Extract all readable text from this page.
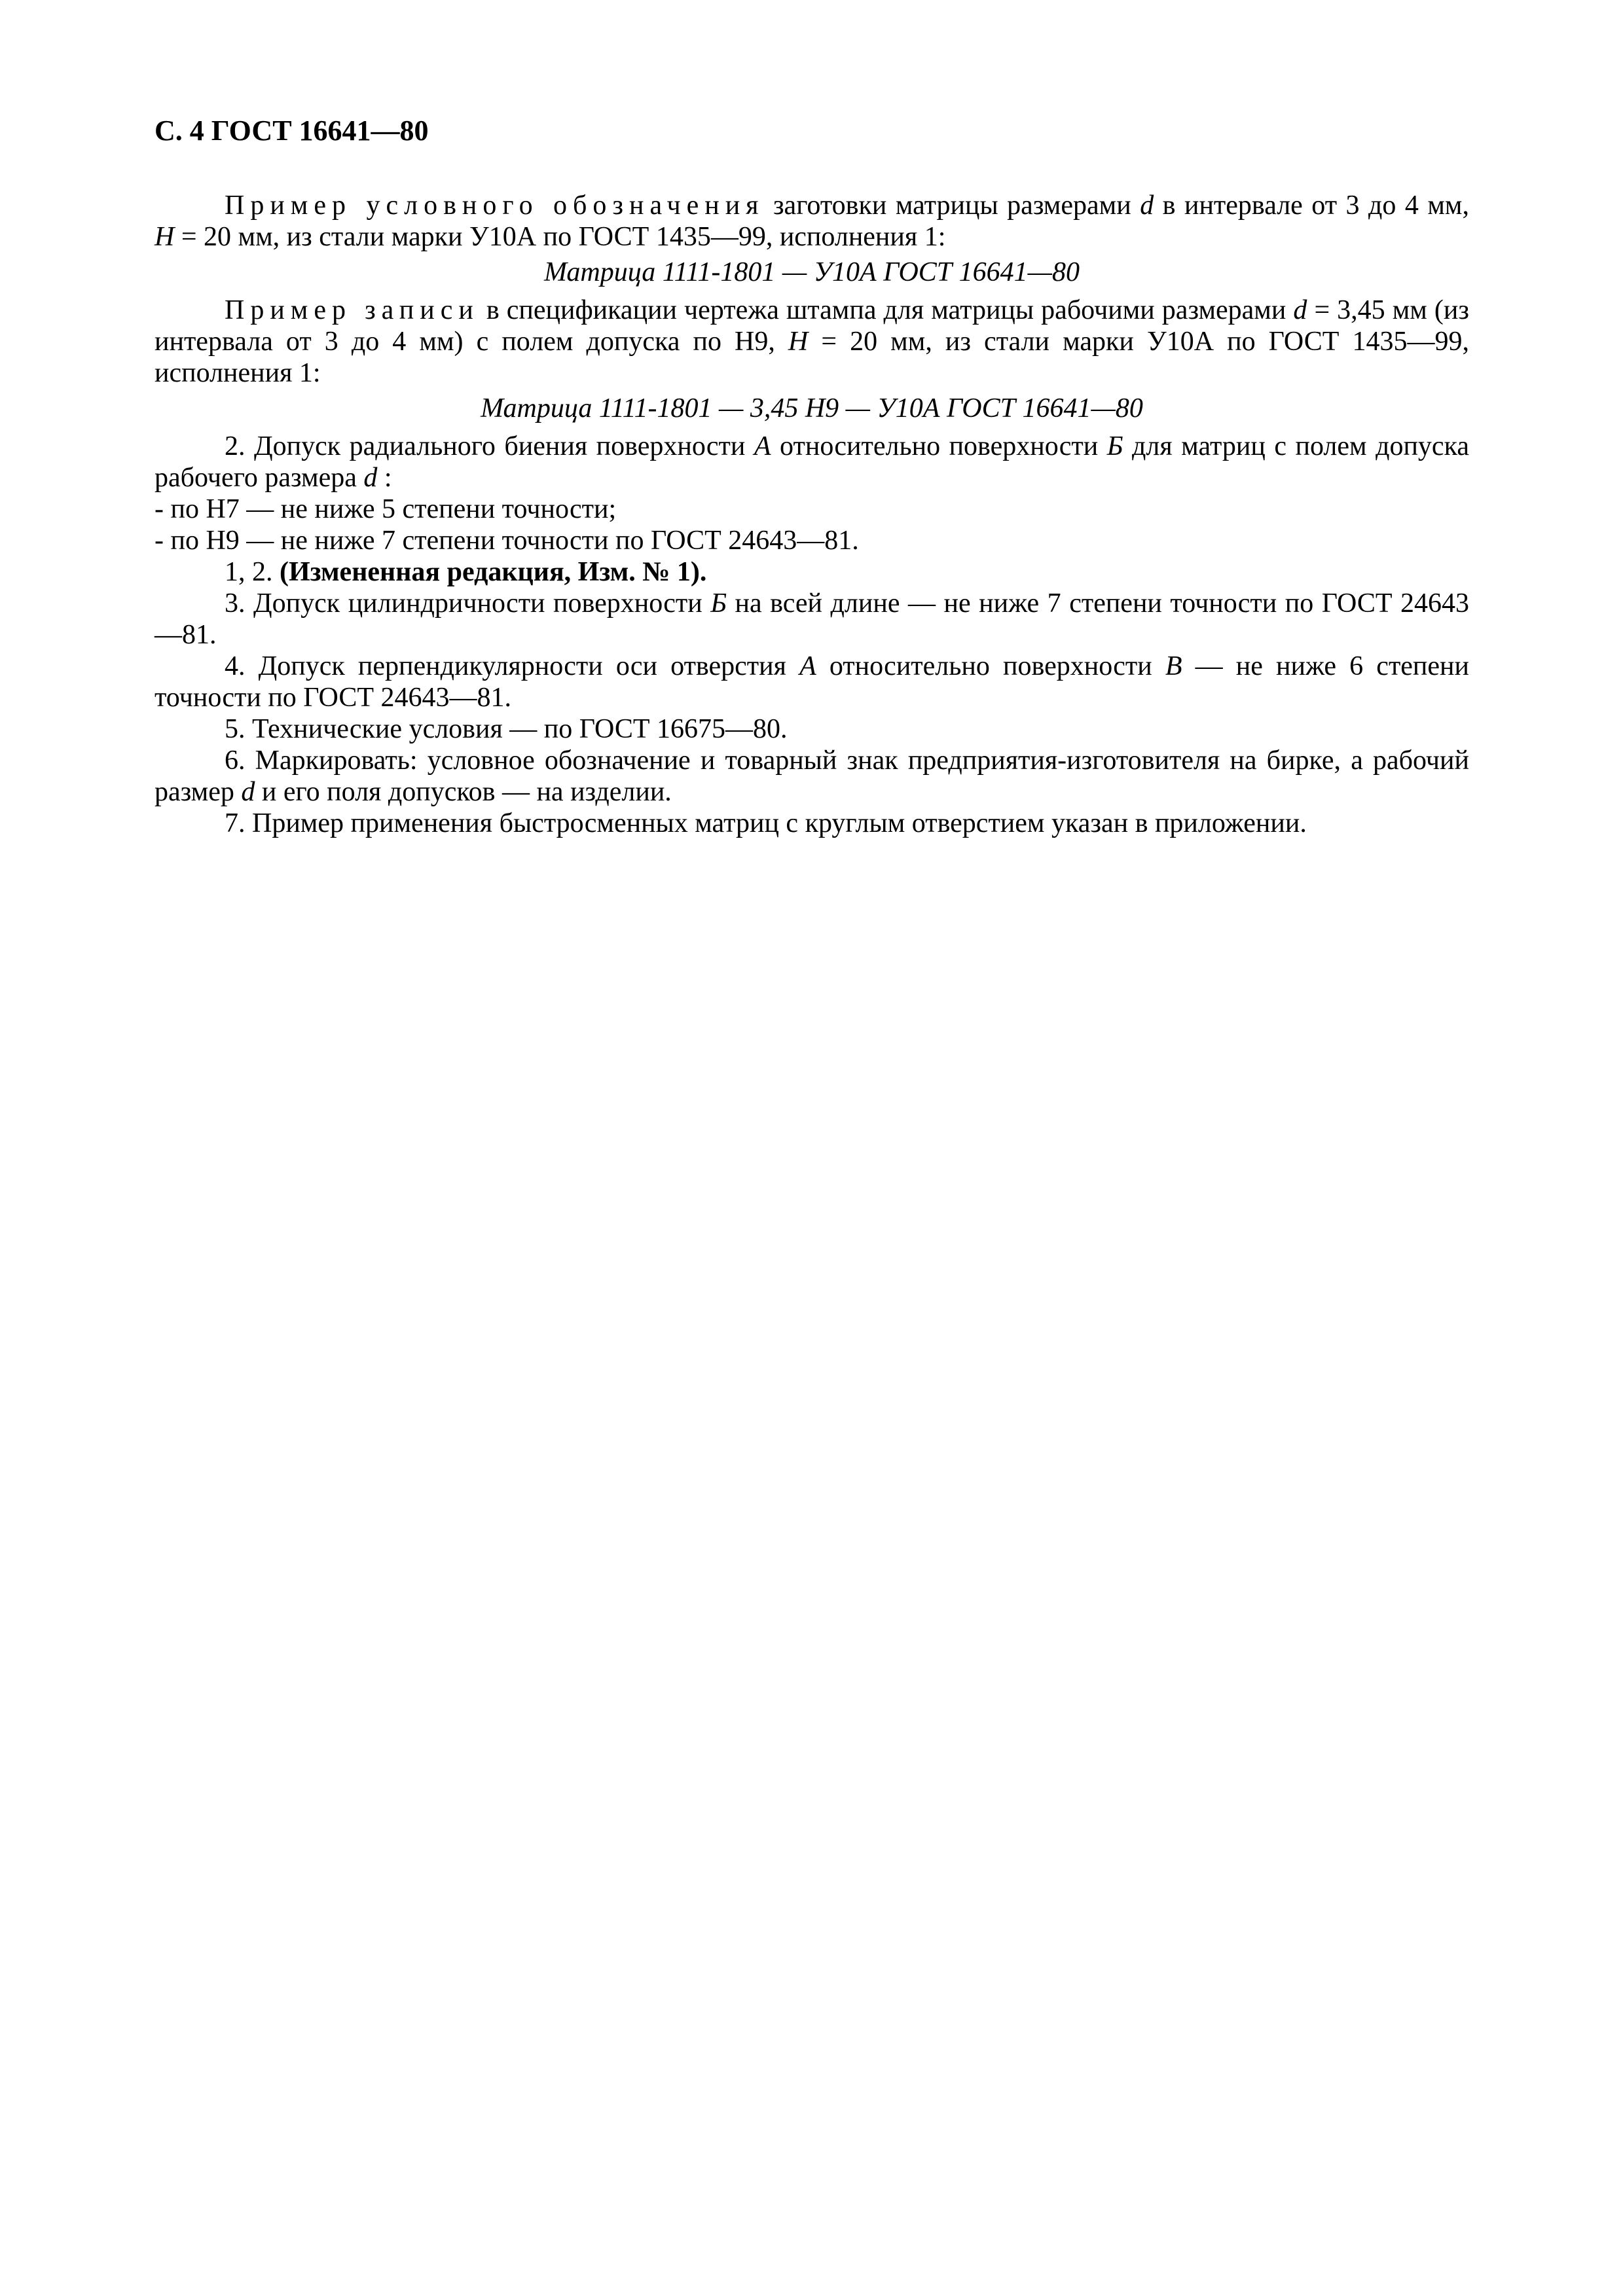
С. 4 ГОСТ 16641—80

Пример условного обозначения заготовки матрицы размерами d в интервале от 3 до 4 мм, Н = 20 мм, из стали марки У10А по ГОСТ 1435—99, исполнения 1:

Матрица 1111-1801 — У10А ГОСТ 16641—80

Пример записи в спецификации чертежа штампа для матрицы рабочими размерами d = 3,45 мм (из интервала от 3 до 4 мм) с полем допуска по Н9, Н = 20 мм, из стали марки У10А по ГОСТ 1435—99, исполнения 1:

Матрица 1111-1801 — 3,45 Н9 — У10А ГОСТ 16641—80

2. Допуск радиального биения поверхности А относительно поверхности Б для матриц с полем допуска рабочего размера d :

- по Н7 — не ниже 5 степени точности;

- по Н9 — не ниже 7 степени точности по ГОСТ 24643—81.

1, 2. (Измененная редакция, Изм. № 1).

3. Допуск цилиндричности поверхности Б на всей длине — не ниже 7 степени точности по ГОСТ 24643—81.

4. Допуск перпендикулярности оси отверстия А относительно поверхности В — не ниже 6 степени точности по ГОСТ 24643—81.

5. Технические условия — по ГОСТ 16675—80.

6. Маркировать: условное обозначение и товарный знак предприятия-изготовителя на бирке, а рабочий размер d и его поля допусков — на изделии.

7. Пример применения быстросменных матриц с круглым отверстием указан в приложении.
